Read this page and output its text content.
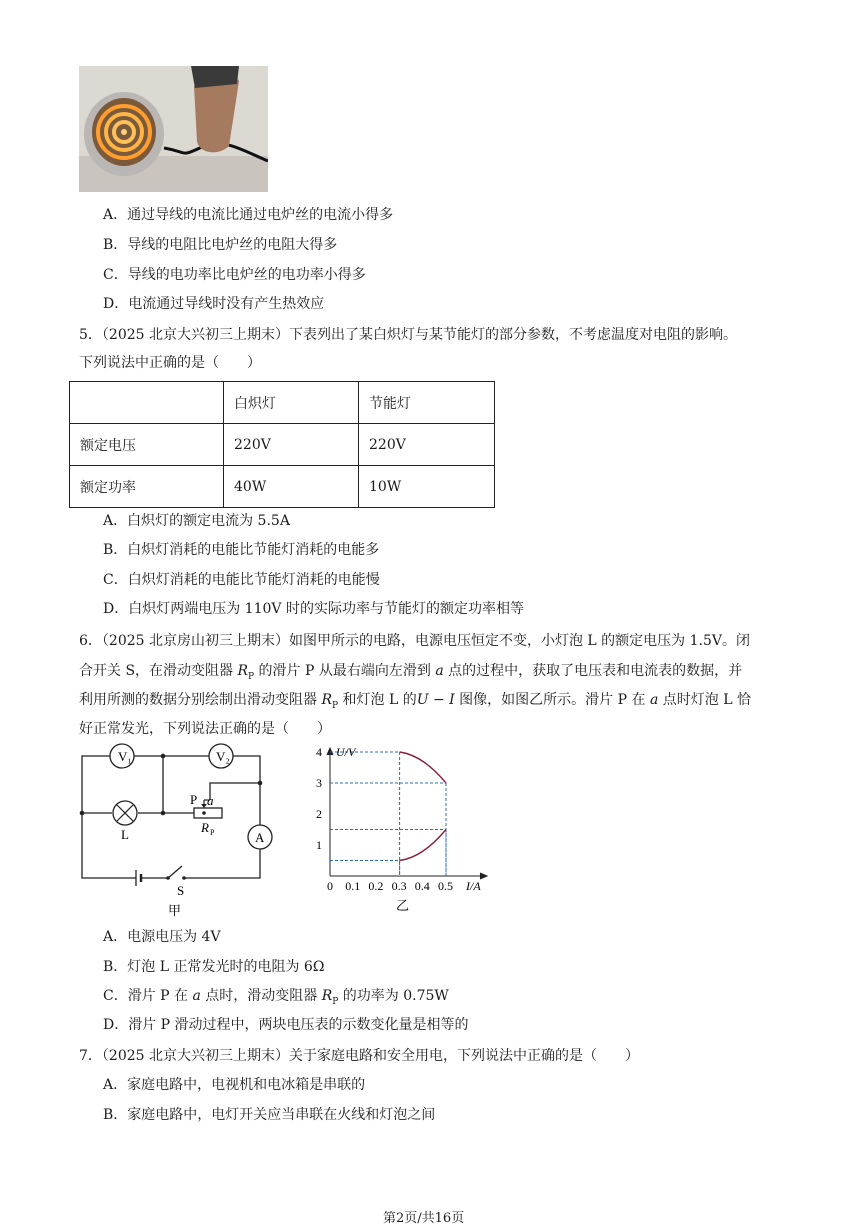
A．通过导线的电流比通过电炉丝的电流小得多
B．导线的电阻比电炉丝的电阻大得多
C．导线的电功率比电炉丝的电功率小得多
D．电流通过导线时没有产生热效应
5．（2025 北京大兴初三上期末）下表列出了某白炽灯与某节能灯的部分参数，不考虑温度对电阻的影响。
下列说法中正确的是（　　）
	白炽灯	节能灯
额定电压	220V	220V
额定功率	40W	10W
A．白炽灯的额定电流为 5.5A
B．白炽灯消耗的电能比节能灯消耗的电能多
C．白炽灯消耗的电能比节能灯消耗的电能慢
D．白炽灯两端电压为 110V 时的实际功率与节能灯的额定功率相等
6．（2025 北京房山初三上期末）如图甲所示的电路，电源电压恒定不变，小灯泡 L 的额定电压为 1.5V。闭
合开关 S，在滑动变阻器 $R_P$ 的滑片 P 从最右端向左滑到 a 点的过程中，获取了电压表和电流表的数据，并
利用所测的数据分别绘制出滑动变阻器 $R_P$ 和灯泡 L 的U − I 图像，如图乙所示。滑片 P 在 a 点时灯泡 L 恰
好正常发光，下列说法正确的是（　　）
V₁	V₂
L
P a
R P	A
S
甲
U/V
I/A
4
3
2
1
0 0.1 0.2 0.3 0.4 0.5
乙
A．电源电压为 4V
B．灯泡 L 正常发光时的电阻为 6Ω
C．滑片 P 在 a 点时，滑动变阻器 $R_P$ 的功率为 0.75W
D．滑片 P 滑动过程中，两块电压表的示数变化量是相等的
7．（2025 北京大兴初三上期末）关于家庭电路和安全用电，下列说法中正确的是（　　）
A．家庭电路中，电视机和电冰箱是串联的
B．家庭电路中，电灯开关应当串联在火线和灯泡之间
第2页/共16页
